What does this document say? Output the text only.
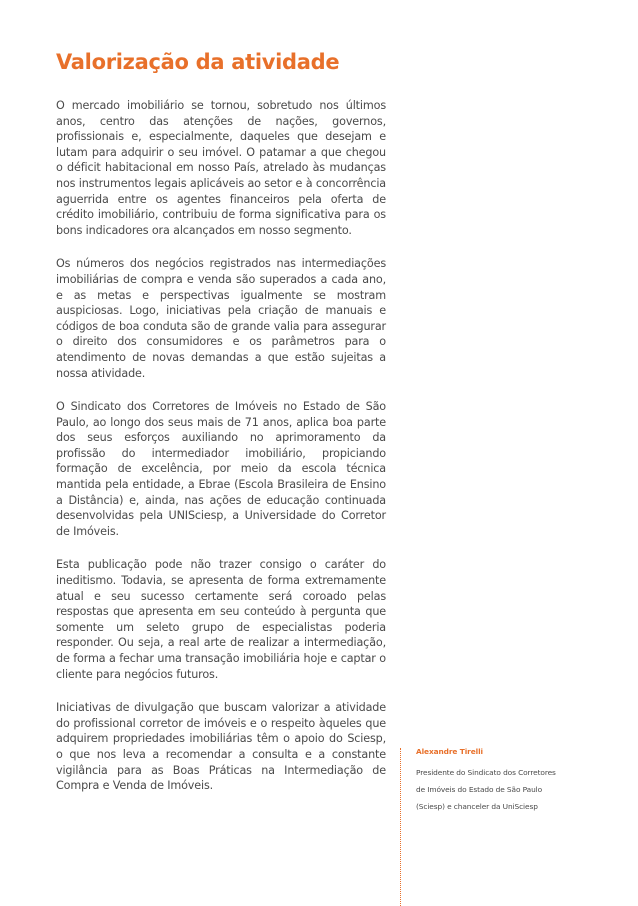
Valorização da atividade

O mercado imobiliário se tornou, sobretudo nos últimos anos, centro das atenções de nações, governos, profissionais e, especialmente, daqueles que desejam e lutam para adquirir o seu imóvel. O patamar a que chegou o déficit habitacional em nosso País, atrelado às mudanças nos instrumentos legais aplicáveis ao setor e à concorrência aguerrida entre os agentes financeiros pela oferta de crédito imobiliário, contribuiu de forma significativa para os bons indicadores ora alcançados em nosso segmento.

Os números dos negócios registrados nas intermediações imobiliárias de compra e venda são superados a cada ano, e as metas e perspectivas igualmente se mostram auspiciosas. Logo, iniciativas pela criação de manuais e códigos de boa conduta são de grande valia para assegurar o direito dos consumidores e os parâmetros para o atendimento de novas demandas a que estão sujeitas a nossa atividade.

O Sindicato dos Corretores de Imóveis no Estado de São Paulo, ao longo dos seus mais de 71 anos, aplica boa parte dos seus esforços auxiliando no aprimoramento da profissão do intermediador imobiliário, propiciando formação de excelência, por meio da escola técnica mantida pela entidade, a Ebrae (Escola Brasileira de Ensino a Distância) e, ainda, nas ações de educação continuada desenvolvidas pela UNISciesp, a Universidade do Corretor de Imóveis.

Esta publicação pode não trazer consigo o caráter do ineditismo. Todavia, se apresenta de forma extremamente atual e seu sucesso certamente será coroado pelas respostas que apresenta em seu conteúdo à pergunta que somente um seleto grupo de especialistas poderia responder. Ou seja, a real arte de realizar a intermediação, de forma a fechar uma transação imobiliária hoje e captar o cliente para negócios futuros.

Iniciativas de divulgação que buscam valorizar a atividade do profissional corretor de imóveis e o respeito àqueles que adquirem propriedades imobiliárias têm o apoio do Sciesp, o que nos leva a recomendar a consulta e a constante vigilância para as Boas Práticas na Intermediação de Compra e Venda de Imóveis.

Alexandre Tirelli

Presidente do Sindicato dos Corretores

de Imóveis do Estado de São Paulo

(Sciesp) e chanceler da UniSciesp
